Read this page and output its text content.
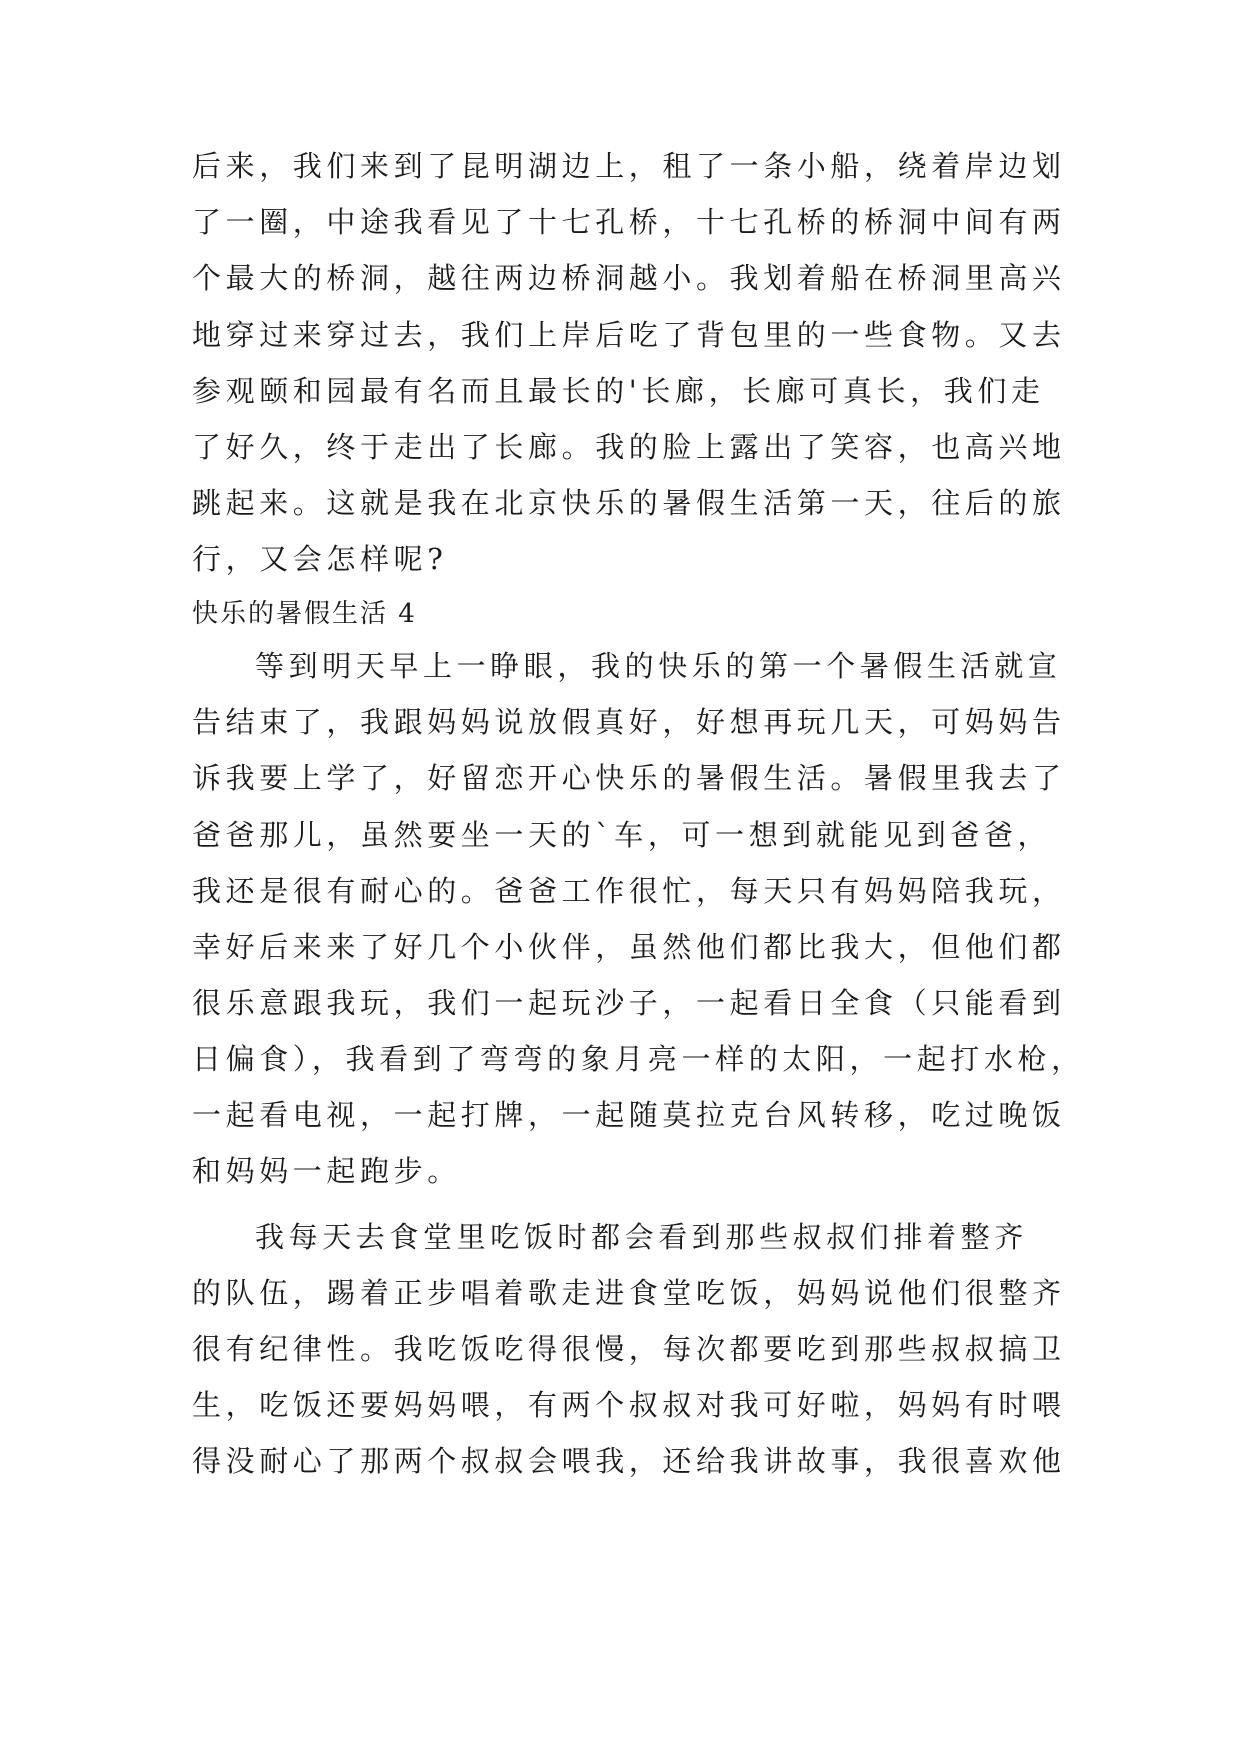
后来，我们来到了昆明湖边上，租了一条小船，绕着岸边划
了一圈，中途我看见了十七孔桥，十七孔桥的桥洞中间有两
个最大的桥洞，越往两边桥洞越小。我划着船在桥洞里高兴
地穿过来穿过去，我们上岸后吃了背包里的一些食物。又去
参观颐和园最有名而且最长的'长廊，长廊可真长，我们走
了好久，终于走出了长廊。我的脸上露出了笑容，也高兴地
跳起来。这就是我在北京快乐的暑假生活第一天，往后的旅
行，又会怎样呢?
快乐的暑假生活 4
等到明天早上一睁眼，我的快乐的第一个暑假生活就宣
告结束了，我跟妈妈说放假真好，好想再玩几天，可妈妈告
诉我要上学了，好留恋开心快乐的暑假生活。暑假里我去了
爸爸那儿，虽然要坐一天的`车，可一想到就能见到爸爸，
我还是很有耐心的。爸爸工作很忙，每天只有妈妈陪我玩，
幸好后来来了好几个小伙伴，虽然他们都比我大，但他们都
很乐意跟我玩，我们一起玩沙子，一起看日全食（只能看到
日偏食），我看到了弯弯的象月亮一样的太阳，一起打水枪，
一起看电视，一起打牌，一起随莫拉克台风转移，吃过晚饭
和妈妈一起跑步。
我每天去食堂里吃饭时都会看到那些叔叔们排着整齐
的队伍，踢着正步唱着歌走进食堂吃饭，妈妈说他们很整齐
很有纪律性。我吃饭吃得很慢，每次都要吃到那些叔叔搞卫
生，吃饭还要妈妈喂，有两个叔叔对我可好啦，妈妈有时喂
得没耐心了那两个叔叔会喂我，还给我讲故事，我很喜欢他
